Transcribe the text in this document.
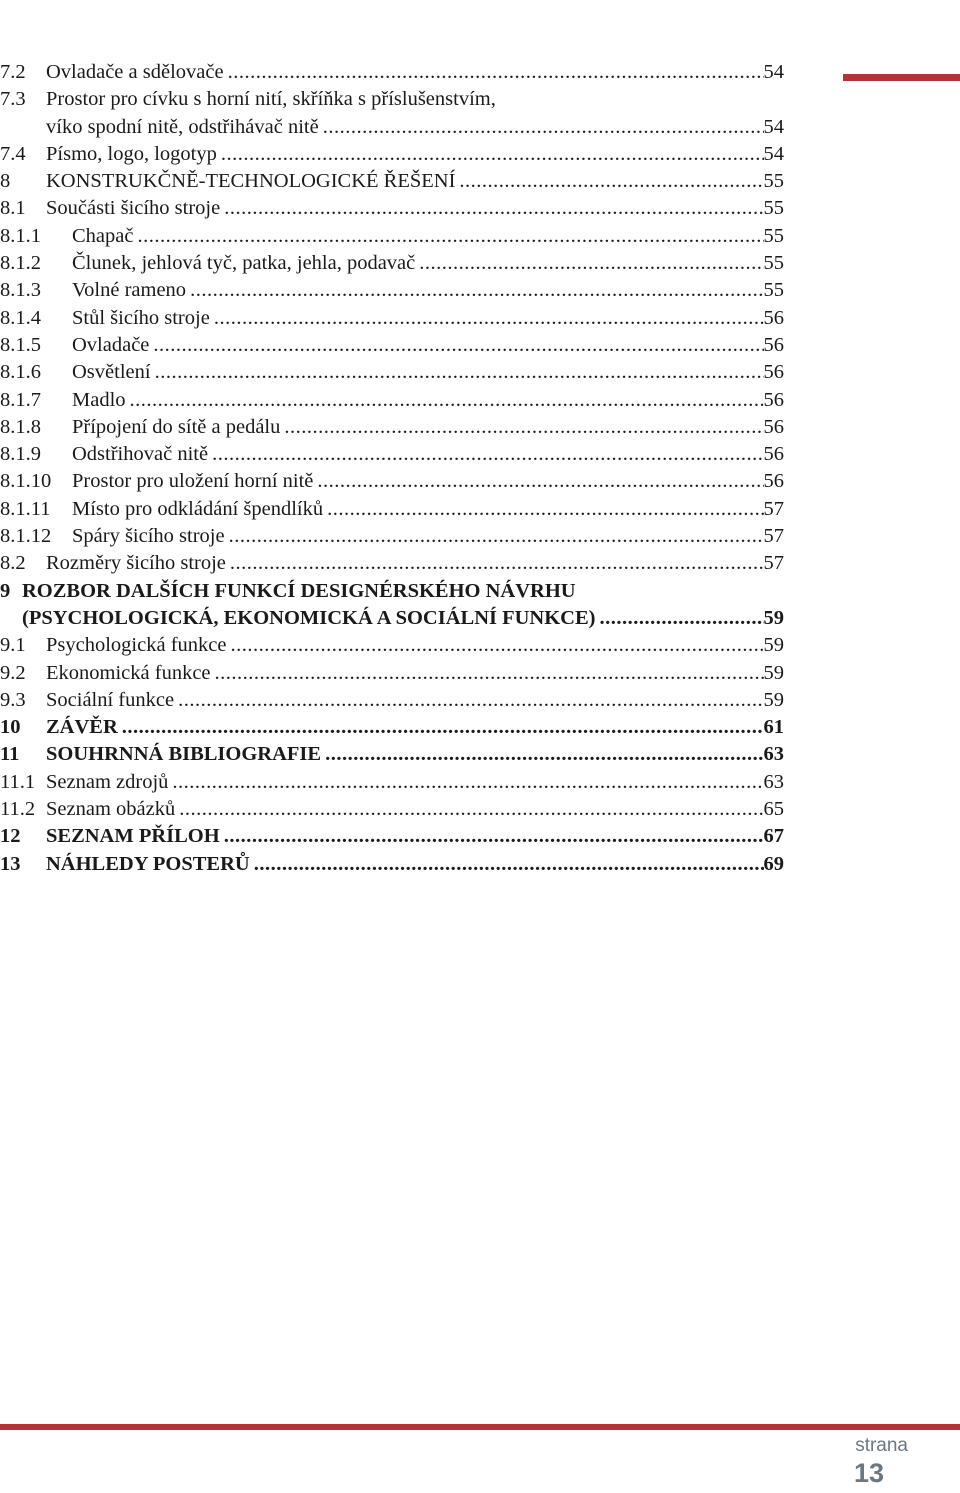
7.2 Ovladače a sdělovače .....	54
7.3 Prostor pro cívku s horní nití, skříňka s příslušenstvím,
víko spodní nitě, odstřihávač nitě .....	54
7.4 Písmo, logo, logotyp .....	54
8	KONSTRUKČNĚ-TECHNOLOGICKÉ ŘEŠENÍ .....	55
8.1 Součásti šicího stroje .....	55
8.1.1	Chapač .....	55
8.1.2	Člunek, jehlová tyč, patka, jehla, podavač .....	55
8.1.3	Volné rameno .....	55
8.1.4	Stůl šicího stroje .....	56
8.1.5	Ovladače .....	56
8.1.6	Osvětlení .....	56
8.1.7	Madlo .....	56
8.1.8	Přípojení do sítě a pedálu .....	56
8.1.9	Odstřihovač nitě .....	56
8.1.10	Prostor pro uložení horní nitě .....	56
8.1.11	Místo pro odkládání špendlíků .....	57
8.1.12	Spáry šicího stroje .....	57
8.2 Rozměry šicího stroje .....	57
9 ROZBOR DALŠÍCH FUNKCÍ DESIGNÉRSKÉHO NÁVRHU
(PSYCHOLOGICKÁ, EKONOMICKÁ A SOCIÁLNÍ FUNKCE) .....	59
9.1 Psychologická funkce .....	59
9.2 Ekonomická funkce .....	59
9.3 Sociální funkce .....	59
10	ZÁVĚR .....	61
11	SOUHRNNÁ BIBLIOGRAFIE .....	63
11.1 Seznam zdrojů .....	63
11.2 Seznam obázků .....	65
12	SEZNAM PŘÍLOH .....	67
13	NÁHLEDY POSTERŮ .....	69
strana
13
